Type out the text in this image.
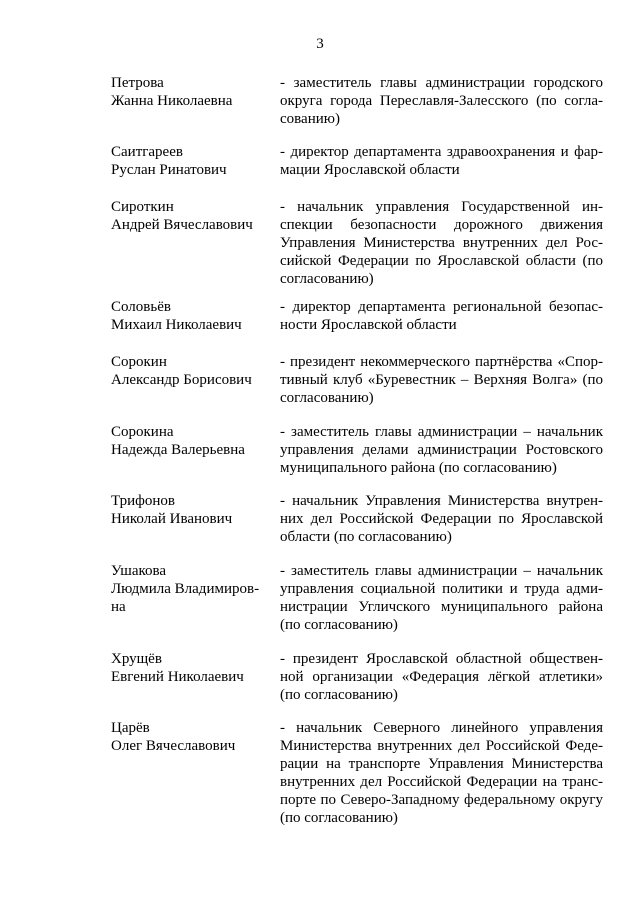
3
Петрова
Жанна Николаевна
- заместитель главы администрации городского
округа города Переславля-Залесского (по согла-
сованию)
Саитгареев
Руслан Ринатович
- директор департамента здравоохранения и фар-
мации Ярославской области
Сироткин
Андрей Вячеславович
- начальник управления Государственной ин-
спекции безопасности дорожного движения
Управления Министерства внутренних дел Рос-
сийской Федерации по Ярославской области (по
согласованию)
Соловьёв
Михаил Николаевич
- директор департамента региональной безопас-
ности Ярославской области
Сорокин
Александр Борисович
- президент некоммерческого партнёрства «Спор-
тивный клуб «Буревестник – Верхняя Волга» (по
согласованию)
Сорокина
Надежда Валерьевна
- заместитель главы администрации – начальник
управления делами администрации Ростовского
муниципального района (по согласованию)
Трифонов
Николай Иванович
- начальник Управления Министерства внутрен-
них дел Российской Федерации по Ярославской
области (по согласованию)
Ушакова
Людмила Владимиров-
на
- заместитель главы администрации – начальник
управления социальной политики и труда адми-
нистрации Угличского муниципального района
(по согласованию)
Хрущёв
Евгений Николаевич
- президент Ярославской областной обществен-
ной организации «Федерация лёгкой атлетики»
(по согласованию)
Царёв
Олег Вячеславович
- начальник Северного линейного управления
Министерства внутренних дел Российской Феде-
рации на транспорте Управления Министерства
внутренних дел Российской Федерации на транс-
порте по Северо-Западному федеральному округу
(по согласованию)
